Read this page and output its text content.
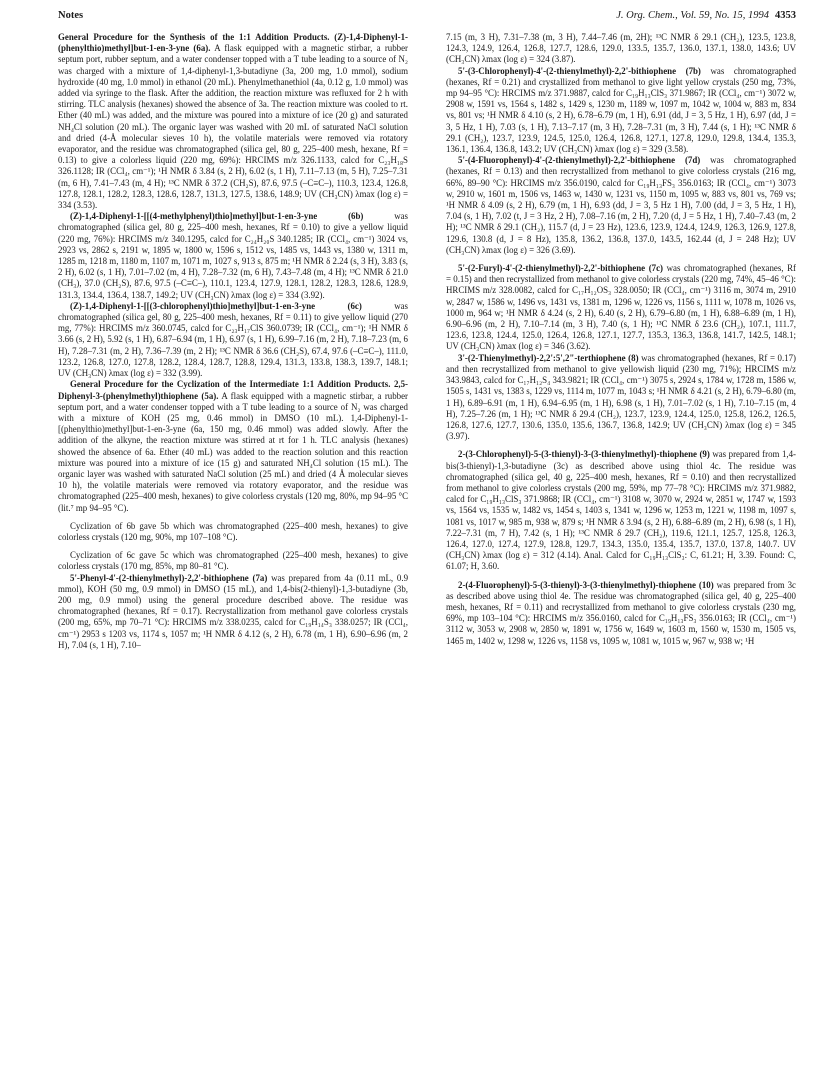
Notes	J. Org. Chem., Vol. 59, No. 15, 1994 4353

General Procedure for the Synthesis of the 1:1 Addition Products. (Z)-1,4-Diphenyl-1-(phenylthio)methyl]but-1-en-3-yne (6a). A flask equipped with a magnetic stirbar, a rubber septum port, rubber septum, and a water condenser topped with a T tube leading to a source of N₂ was charged with a mixture of 1,4-diphenyl-1,3-butadiyne (3a, 200 mg, 1.0 mmol), sodium hydroxide (40 mg, 1.0 mmol) in ethanol (20 mL). Phenylmethanethiol (4a, 0.12 g, 1.0 mmol) was added via syringe to the flask. After the addition, the reaction mixture was refluxed for 2 h with stirring. TLC analysis (hexanes) showed the absence of 3a. The reaction mixture was cooled to rt. Ether (40 mL) was added, and the mixture was poured into a mixture of ice (20 g) and saturated NH₄Cl solution (20 mL). The organic layer was washed with 20 mL of saturated NaCl solution and dried (4-Å molecular sieves 10 h), the volatile materials were removed via rotatory evaporator, and the residue was chromatographed (silica gel, 80 g, 225–400 mesh, hexane, Rf = 0.13) to give a colorless liquid (220 mg, 69%): HRCIMS m/z 326.1133, calcd for C₂₃H₁₈S 326.1128; IR (CCl₄, cm⁻¹); ¹H NMR δ 3.84 (s, 2 H), 6.02 (s, 1 H), 7.11–7.13 (m, 5 H), 7.25–7.31 (m, 6 H), 7.41–7.43 (m, 4 H); ¹³C NMR δ 37.2 (CH₂S), 87.6, 97.5 (–C≡C–), 110.3, 123.4, 126.8, 127.8, 128.1, 128.2, 128.3, 128.6, 128.7, 131.3, 127.5, 138.6, 148.9; UV (CH₃CN) λmax (log ε) = 334 (3.53).

(Z)-1,4-Diphenyl-1-[[(4-methylphenyl)thio]methyl]but-1-en-3-yne (6b)	was chromatographed (silica gel, 80 g, 225–400 mesh, hexanes, Rf = 0.10) to give a yellow liquid (220 mg, 76%): HRCIMS m/z 340.1295, calcd for C₂₄H₂₀S 340.1285; IR (CCl₄, cm⁻¹) 3024 vs, 2923 vs, 2862 s, 2191 w, 1895 w, 1800 w, 1596 s, 1512 vs, 1485 vs, 1443 vs, 1380 w, 1311 m, 1285 m, 1218 m, 1180 m, 1107 m, 1071 m, 1027 s, 913 s, 875 m; ¹H NMR δ 2.24 (s, 3 H), 3.83 (s, 2 H), 6.02 (s, 1 H), 7.01–7.02 (m, 4 H), 7.28–7.32 (m, 6 H), 7.43–7.48 (m, 4 H); ¹³C NMR δ 21.0 (CH₃), 37.0 (CH₂S), 87.6, 97.5 (–C≡C–), 110.1, 123.4, 127.9, 128.1, 128.2, 128.3, 128.6, 128.9, 131.3, 134.4, 136.4, 138.7, 149.2; UV (CH₃CN) λmax (log ε) = 334 (3.92).

(Z)-1,4-Diphenyl-1-[[(3-chlorophenyl)thio]methyl]but-1-en-3-yne (6c)	was chromatographed (silica gel, 80 g, 225–400 mesh, hexanes, Rf = 0.11) to give yellow liquid (270 mg, 77%): HRCIMS m/z 360.0745, calcd for C₂₃H₁₇ClS 360.0739; IR (CCl₄, cm⁻¹); ¹H NMR δ 3.66 (s, 2 H), 5.92 (s, 1 H), 6.87–6.94 (m, 1 H), 6.97 (s, 1 H), 6.99–7.16 (m, 2 H), 7.18–7.23 (m, 6 H), 7.28–7.31 (m, 2 H), 7.36–7.39 (m, 2 H); ¹³C NMR δ 36.6 (CH₂S), 67.4, 97.6 (–C≡C–), 111.0, 123.2, 126.8, 127.0, 127.8, 128.2, 128.4, 128.7, 128.8, 129.4, 131.3, 133.8, 138.3, 139.7, 148.1; UV (CH₃CN) λmax (log ε) = 332 (3.99).

General Procedure for the Cyclization of the Intermediate 1:1 Addition Products. 2,5-Diphenyl-3-(phenylmethyl)thiophene (5a). A flask equipped with a magnetic stirbar, a rubber septum port, and a water condenser topped with a T tube leading to a source of N₂ was charged with a mixture of KOH (25 mg, 0.46 mmol) in DMSO (10 mL). 1,4-Diphenyl-1-[(phenylthio)methyl]but-1-en-3-yne (6a, 150 mg, 0.46 mmol) was added slowly. After the addition of the alkyne, the reaction mixture was stirred at rt for 1 h. TLC analysis (hexanes) showed the absence of 6a. Ether (40 mL) was added to the reaction solution and this reaction mixture was poured into a mixture of ice (15 g) and saturated NH₄Cl solution (15 mL). The organic layer was washed with saturated NaCl solution (25 mL) and dried (4 Å molecular sieves 10 h), the volatile materials were removed via rotatory evaporator, and the residue was chromatographed (225–400 mesh, hexanes) to give colorless crystals (120 mg, 80%, mp 94–95 °C (lit.⁷ mp 94–95 °C).

Cyclization of 6b gave 5b which was chromatographed (225–400 mesh, hexanes) to give colorless crystals (120 mg, 90%, mp 107–108 °C).

Cyclization of 6c gave 5c which was chromatographed (225–400 mesh, hexanes) to give colorless crystals (170 mg, 85%, mp 80–81 °C).

5'-Phenyl-4'-(2-thienylmethyl)-2,2'-bithiophene (7a) was prepared from 4a (0.11 mL, 0.9 mmol), KOH (50 mg, 0.9 mmol) in DMSO (15 mL), and 1,4-bis(2-thienyl)-1,3-butadiyne (3b, 200 mg, 0.9 mmol) using the general procedure described above. The residue was chromatographed (hexanes, Rf = 0.17). Recrystallization from methanol gave colorless crystals (200 mg, 65%, mp 70–71 °C): HRCIMS m/z 338.0235, calcd for C₁₉H₁₄S₃ 338.0257; IR (CCl₄, cm⁻¹) 2953 s 1203 vs, 1174 s, 1057 m; ¹H NMR δ 4.12 (s, 2 H), 6.78 (m, 1 H), 6.90–6.96 (m, 2 H), 7.04 (s, 1 H), 7.10–

7.15 (m, 3 H), 7.31–7.38 (m, 3 H), 7.44–7.46 (m, 2H); ¹³C NMR δ 29.1 (CH₂), 123.5, 123.8, 124.3, 124.9, 126.4, 126.8, 127.7, 128.6, 129.0, 133.5, 135.7, 136.0, 137.1, 138.0, 143.6; UV (CH₃CN) λmax (log ε) = 324 (3.87).

5'-(3-Chlorophenyl)-4'-(2-thienylmethyl)-2,2'-bithiophene (7b) was chromatographed (hexanes, Rf = 0.21) and crystallized from methanol to give light yellow crystals (250 mg, 73%, mp 94–95 °C): HRCIMS m/z 371.9887, calcd for C₁₉H₁₃ClS₃ 371.9867; IR (CCl₄, cm⁻¹) 3072 w, 2908 w, 1591 vs, 1564 s, 1482 s, 1429 s, 1230 m, 1189 w, 1097 m, 1042 w, 1004 w, 883 m, 834 vs, 801 vs; ¹H NMR δ 4.10 (s, 2 H), 6.78–6.79 (m, 1 H), 6.91 (dd, J = 3, 5 Hz, 1 H), 6.97 (dd, J = 3, 5 Hz, 1 H), 7.03 (s, 1 H), 7.13–7.17 (m, 3 H), 7.28–7.31 (m, 3 H), 7.44 (s, 1 H); ¹³C NMR δ 29.1 (CH₂), 123.7, 123.9, 124.5, 125.0, 126.4, 126.8, 127.1, 127.8, 129.0, 129.8, 134.4, 135.3, 136.1, 136.4, 136.8, 143.2; UV (CH₃CN) λmax (log ε) = 329 (3.58).

5'-(4-Fluorophenyl)-4'-(2-thienylmethyl)-2,2'-bithiophene (7d) was chromatographed (hexanes, Rf = 0.13) and then recrystallized from methanol to give colorless crystals (216 mg, 66%, 89–90 °C): HRCIMS m/z 356.0190, calcd for C₁₉H₁₃FS₃ 356.0163; IR (CCl₄, cm⁻¹) 3073 w, 2910 w, 1601 m, 1506 vs, 1463 w, 1430 w, 1231 vs, 1150 m, 1095 w, 883 vs, 801 vs, 769 vs; ¹H NMR δ 4.09 (s, 2 H), 6.79 (m, 1 H), 6.93 (dd, J = 3, 5 Hz 1 H), 7.00 (dd, J = 3, 5 Hz, 1 H), 7.04 (s, 1 H), 7.02 (t, J = 3 Hz, 2 H), 7.08–7.16 (m, 2 H), 7.20 (d, J = 5 Hz, 1 H), 7.40–7.43 (m, 2 H); ¹³C NMR δ 29.1 (CH₂), 115.7 (d, J = 23 Hz), 123.6, 123.9, 124.4, 124.9, 126.3, 126.9, 127.8, 129.6, 130.8 (d, J = 8 Hz), 135.8, 136.2, 136.8, 137.0, 143.5, 162.44 (d, J = 248 Hz); UV (CH₃CN) λmax (log ε) = 326 (3.69).

5'-(2-Furyl)-4'-(2-thienylmethyl)-2,2'-bithiophene (7c) was chromatographed (hexanes, Rf = 0.15) and then recrystallized from methanol to give colorless crystals (220 mg, 74%, 45–46 °C): HRCIMS m/z 328.0082, calcd for C₁₇H₁₂OS₃ 328.0050; IR (CCl₄, cm⁻¹) 3116 m, 3074 m, 2910 w, 2847 w, 1586 w, 1496 vs, 1431 vs, 1381 m, 1296 w, 1226 vs, 1156 s, 1111 w, 1078 m, 1026 vs, 1000 m, 964 w; ¹H NMR δ 4.24 (s, 2 H), 6.40 (s, 2 H), 6.79–6.80 (m, 1 H), 6.88–6.89 (m, 1 H), 6.90–6.96 (m, 2 H), 7.10–7.14 (m, 3 H), 7.40 (s, 1 H); ¹³C NMR δ 23.6 (CH₂), 107.1, 111.7, 123.6, 123.8, 124.4, 125.0, 126.4, 126.8, 127.1, 127.7, 135.3, 136.3, 136.8, 141.7, 142.5, 148.1; UV (CH₃CN) λmax (log ε) = 346 (3.62).

3'-(2-Thienylmethyl)-2,2':5',2"-terthiophene (8) was chromatographed (hexanes, Rf = 0.17) and then recrystallized from methanol to give yellowish liquid (230 mg, 71%); HRCIMS m/z 343.9843, calcd for C₁₇H₁₂S₄ 343.9821; IR (CCl₄, cm⁻¹) 3075 s, 2924 s, 1784 w, 1728 m, 1586 w, 1505 s, 1431 vs, 1383 s, 1229 vs, 1114 m, 1077 m, 1043 s; ¹H NMR δ 4.21 (s, 2 H), 6.79–6.80 (m, 1 H), 6.89–6.91 (m, 1 H), 6.94–6.95 (m, 1 H), 6.98 (s, 1 H), 7.01–7.02 (s, 1 H), 7.10–7.15 (m, 4 H), 7.25–7.26 (m, 1 H); ¹³C NMR δ 29.4 (CH₂), 123.7, 123.9, 124.4, 125.0, 125.8, 126.2, 126.5, 126.8, 127.6, 127.7, 130.6, 135.0, 135.6, 136.7, 136.8, 142.9; UV (CH₃CN) λmax (log ε) = 345 (3.97).

2-(3-Chlorophenyl)-5-(3-thienyl)-3-(3-thienylmethyl)-thiophene (9) was prepared from 1,4-bis(3-thienyl)-1,3-butadiyne (3c) as described above using thiol 4c. The residue was chromatographed (silica gel, 40 g, 225–400 mesh, hexanes, Rf = 0.10) and then recrystallized from methanol to give colorless crystals (200 mg, 59%, mp 77–78 °C): HRCIMS m/z 371.9882, calcd for C₁₉H₁₃ClS₃ 371.9868; IR (CCl₄, cm⁻¹) 3108 w, 3070 w, 2924 w, 2851 w, 1747 w, 1593 vs, 1564 vs, 1535 w, 1482 vs, 1454 s, 1403 s, 1341 w, 1296 w, 1253 m, 1221 w, 1198 m, 1097 s, 1081 vs, 1017 w, 985 m, 938 w, 879 s; ¹H NMR δ 3.94 (s, 2 H), 6.88–6.89 (m, 2 H), 6.98 (s, 1 H), 7.22–7.31 (m, 7 H), 7.42 (s, 1 H); ¹³C NMR δ 29.7 (CH₂), 119.6, 121.1, 125.7, 125.8, 126.3, 126.4, 127.0, 127.4, 127.9, 128.8, 129.7, 134.3, 135.0, 135.4, 135.7, 137.0, 137.8, 140.7. UV (CH₃CN) λmax (log ε) = 312 (4.14). Anal. Calcd for C₁₉H₁₃ClS₃: C, 61.21; H, 3.39. Found: C, 61.07; H, 3.60.

2-(4-Fluorophenyl)-5-(3-thienyl)-3-(3-thienylmethyl)-thiophene (10) was prepared from 3c as described above using thiol 4e. The residue was chromatographed (silica gel, 40 g, 225–400 mesh, hexanes, Rf = 0.11) and recrystallized from methanol to give colorless crystals (230 mg, 69%, mp 103–104 °C): HRCIMS m/z 356.0160, calcd for C₁₉H₁₃FS₃ 356.0163; IR (CCl₄, cm⁻¹) 3112 w, 3053 w, 2908 w, 2850 w, 1891 w, 1756 w, 1649 w, 1603 m, 1560 w, 1530 m, 1505 vs, 1465 m, 1402 w, 1298 w, 1226 vs, 1158 vs, 1095 w, 1081 w, 1015 w, 967 w, 938 w; ¹H
